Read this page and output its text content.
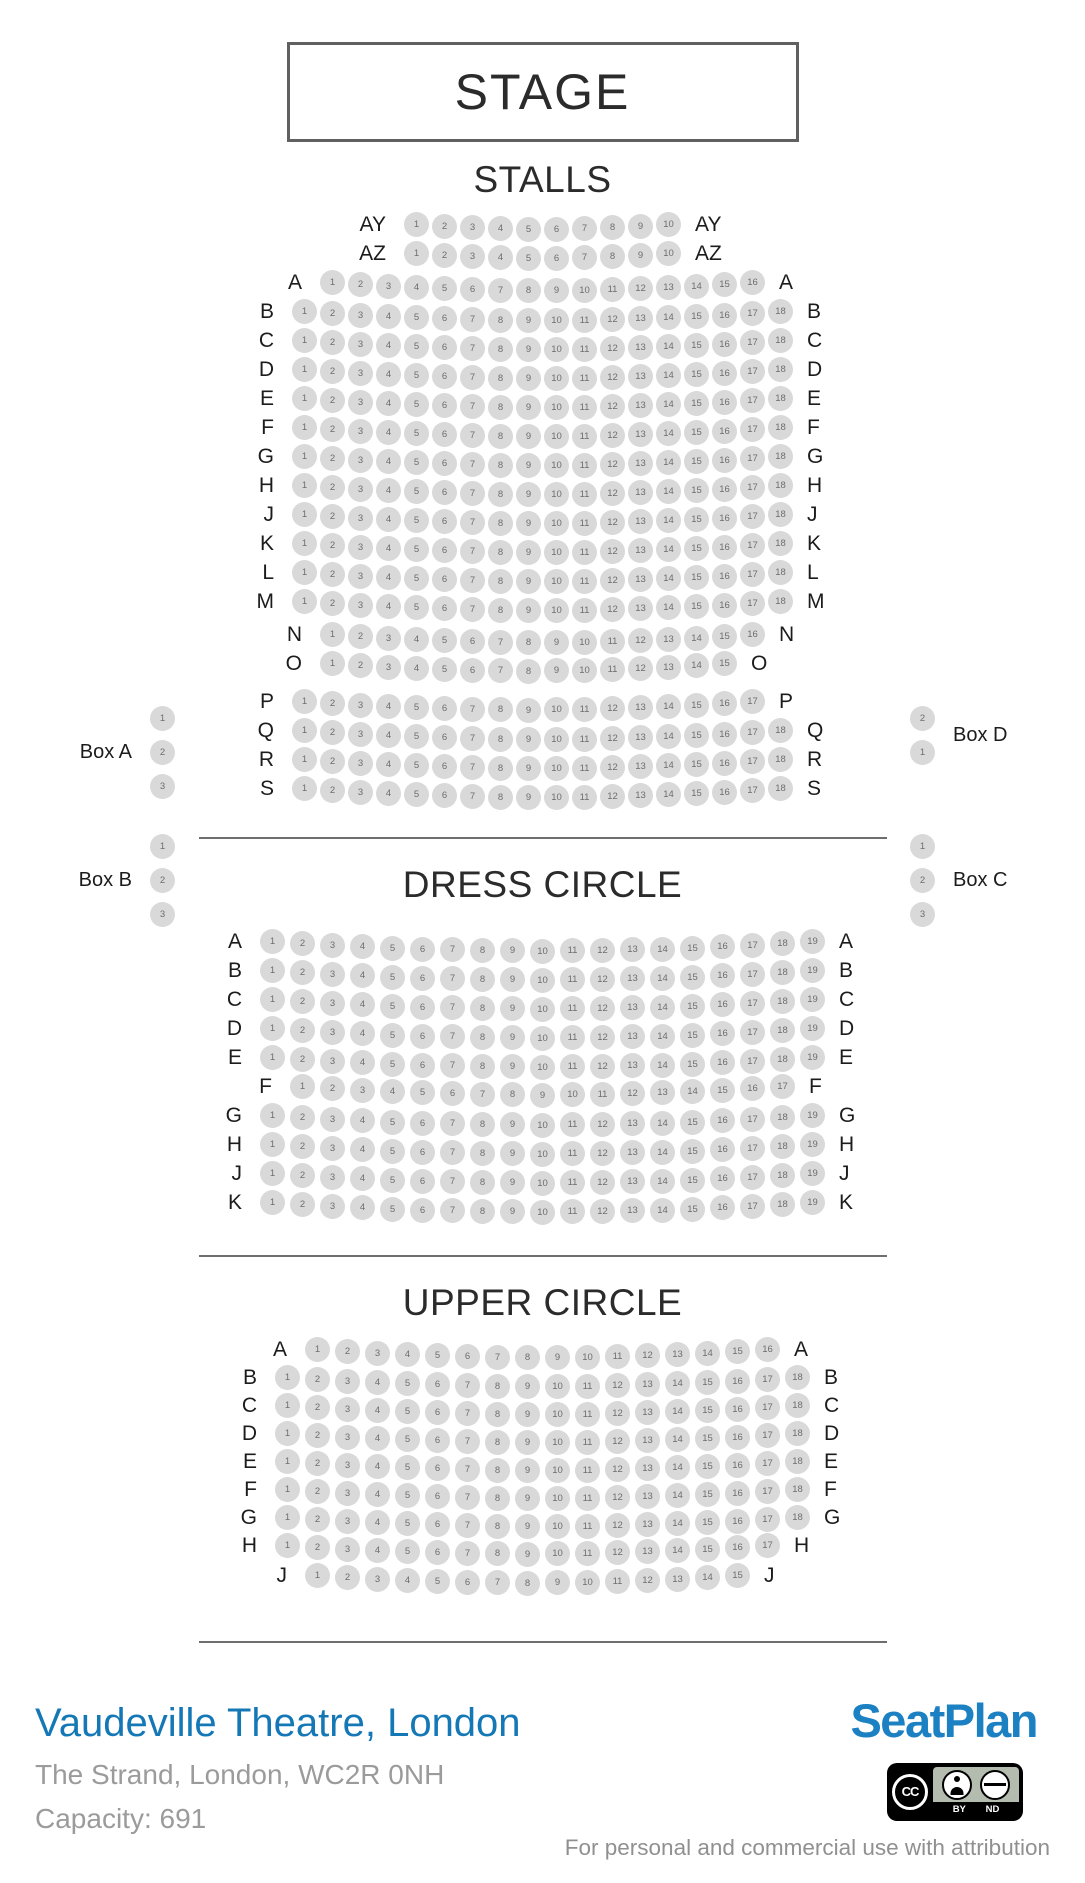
STAGE
STALLS
AY	1	2	3	4	5	6	7	8	9	10	AY
AZ	1	2	3	4	5	6	7	8	9	10	AZ
A	1	2	3	4	5	6	7	8	9	10	11	12	13	14	15	16	A
B	1	2	3	4	5	6	7	8	9	10	11	12	13	14	15	16	17	18	B
C	1	2	3	4	5	6	7	8	9	10	11	12	13	14	15	16	17	18	C
D	1	2	3	4	5	6	7	8	9	10	11	12	13	14	15	16	17	18	D
E	1	2	3	4	5	6	7	8	9	10	11	12	13	14	15	16	17	18	E
F	1	2	3	4	5	6	7	8	9	10	11	12	13	14	15	16	17	18	F
G	1	2	3	4	5	6	7	8	9	10	11	12	13	14	15	16	17	18	G
H	1	2	3	4	5	6	7	8	9	10	11	12	13	14	15	16	17	18	H
J	1	2	3	4	5	6	7	8	9	10	11	12	13	14	15	16	17	18	J
K	1	2	3	4	5	6	7	8	9	10	11	12	13	14	15	16	17	18	K
L	1	2	3	4	5	6	7	8	9	10	11	12	13	14	15	16	17	18	L
M	1	2	3	4	5	6	7	8	9	10	11	12	13	14	15	16	17	18	M
N	1	2	3	4	5	6	7	8	9	10	11	12	13	14	15	16	N
O	1	2	3	4	5	6	7	8	9	10	11	12	13	14	15	O
P	1	2	3	4	5	6	7	8	9	10	11	12	13	14	15	16	17	P
Q	1	2	3	4	5	6	7	8	9	10	11	12	13	14	15	16	17	18	Q
R	1	2	3	4	5	6	7	8	9	10	11	12	13	14	15	16	17	18	R
S	1	2	3	4	5	6	7	8	9	10	11	12	13	14	15	16	17	18	S
DRESS CIRCLE
A	1	2	3	4	5	6	7	8	9	10	11	12	13	14	15	16	17	18	19	A
B	1	2	3	4	5	6	7	8	9	10	11	12	13	14	15	16	17	18	19	B
C	1	2	3	4	5	6	7	8	9	10	11	12	13	14	15	16	17	18	19	C
D	1	2	3	4	5	6	7	8	9	10	11	12	13	14	15	16	17	18	19	D
E	1	2	3	4	5	6	7	8	9	10	11	12	13	14	15	16	17	18	19	E
F	1	2	3	4	5	6	7	8	9	10	11	12	13	14	15	16	17	F
G	1	2	3	4	5	6	7	8	9	10	11	12	13	14	15	16	17	18	19	G
H	1	2	3	4	5	6	7	8	9	10	11	12	13	14	15	16	17	18	19	H
J	1	2	3	4	5	6	7	8	9	10	11	12	13	14	15	16	17	18	19	J
K	1	2	3	4	5	6	7	8	9	10	11	12	13	14	15	16	17	18	19	K
UPPER CIRCLE
A	1	2	3	4	5	6	7	8	9	10	11	12	13	14	15	16	A
B	1	2	3	4	5	6	7	8	9	10	11	12	13	14	15	16	17	18	B
C	1	2	3	4	5	6	7	8	9	10	11	12	13	14	15	16	17	18	C
D	1	2	3	4	5	6	7	8	9	10	11	12	13	14	15	16	17	18	D
E	1	2	3	4	5	6	7	8	9	10	11	12	13	14	15	16	17	18	E
F	1	2	3	4	5	6	7	8	9	10	11	12	13	14	15	16	17	18	F
G	1	2	3	4	5	6	7	8	9	10	11	12	13	14	15	16	17	18	G
H	1	2	3	4	5	6	7	8	9	10	11	12	13	14	15	16	17	H
J	1	2	3	4	5	6	7	8	9	10	11	12	13	14	15	J
Vaudeville Theatre, London
The Strand, London, WC2R 0NH
Capacity: 691
SeatPlan
CC
BY ND
For personal and commercial use with attribution
Box A
1
2
3
2
1
Box D
Box B
1
2
3
1
2
3
Box C
